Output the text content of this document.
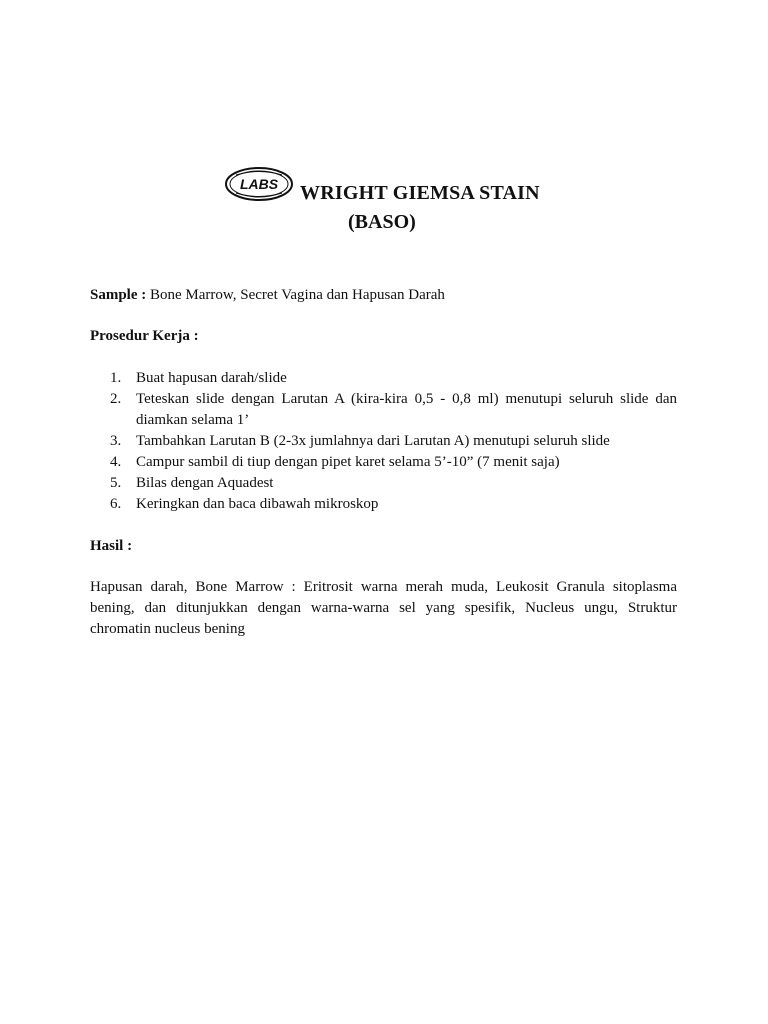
LABS WRIGHT GIEMSA STAIN
(BASO)
Sample : Bone Marrow, Secret Vagina dan Hapusan Darah
Prosedur Kerja :
1. Buat hapusan darah/slide
2. Teteskan slide dengan Larutan A (kira-kira 0,5 - 0,8 ml) menutupi seluruh slide dan diamkan selama 1’
3. Tambahkan Larutan B (2-3x jumlahnya dari Larutan A) menutupi seluruh slide
4. Campur sambil di tiup dengan pipet karet selama 5’-10” (7 menit saja)
5. Bilas dengan Aquadest
6. Keringkan dan baca dibawah mikroskop
Hasil :
Hapusan darah, Bone Marrow : Eritrosit warna merah muda, Leukosit Granula sitoplasma bening, dan ditunjukkan dengan warna-warna sel yang spesifik, Nucleus ungu, Struktur chromatin nucleus bening
